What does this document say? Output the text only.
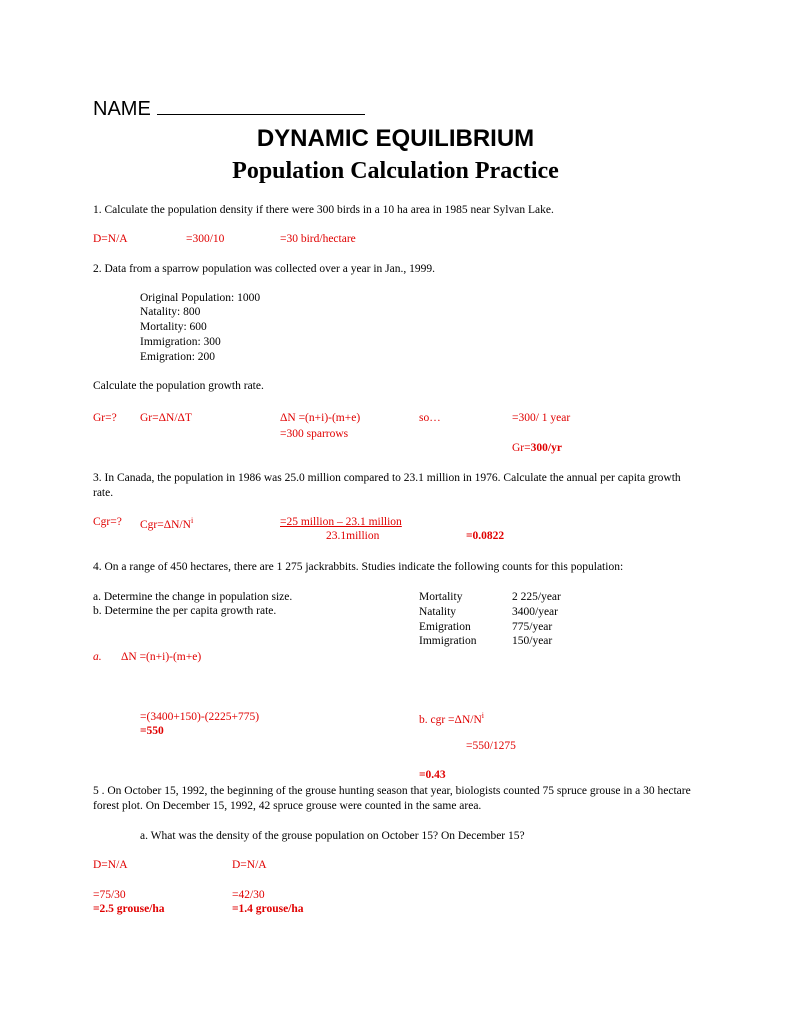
NAME
DYNAMIC EQUILIBRIUM
Population Calculation Practice
1. Calculate the population density if there were 300 birds in a 10 ha area in 1985 near Sylvan Lake.
D=N/A	=300/10	=30 bird/hectare
2. Data from a sparrow population was collected over a year in Jan., 1999.
Original Population: 1000
Natality: 800
Mortality: 600
Immigration: 300
Emigration: 200
Calculate the population growth rate.
Gr=? Gr=ΔN/ΔT	ΔN =(n+i)-(m+e)
=300 sparrows
so…	=300/ 1 year
Gr=300/yr
3. In Canada, the population in 1986 was 25.0 million compared to 23.1 million in 1976. Calculate the annual per capita growth
rate.
Cgr=? $Cgr=\Delta N/N^i$	=25 million – 23.1 million
23.1million	=0.0822
4. On a range of 450 hectares, there are 1 275 jackrabbits. Studies indicate the following counts for this population:
a. Determine the change in population size.
b. Determine the per capita growth rate.
Mortality	2 225/year
Natality	3400/year
Emigration	775/year
Immigration	150/year
a. ΔN =(n+i)-(m+e)
=(3400+150)-(2225+775)
=550
b. cgr $=\Delta N/N^i$
=550/1275
=0.43
5 . On October 15, 1992, the beginning of the grouse hunting season that year, biologists counted 75 spruce grouse in a 30 hectare
forest plot. On December 15, 1992, 42 spruce grouse were counted in the same area.
a. What was the density of the grouse population on October 15? On December 15?
D=N/A	D=N/A
=75/30	=42/30
=2.5 grouse/ha	=1.4 grouse/ha
